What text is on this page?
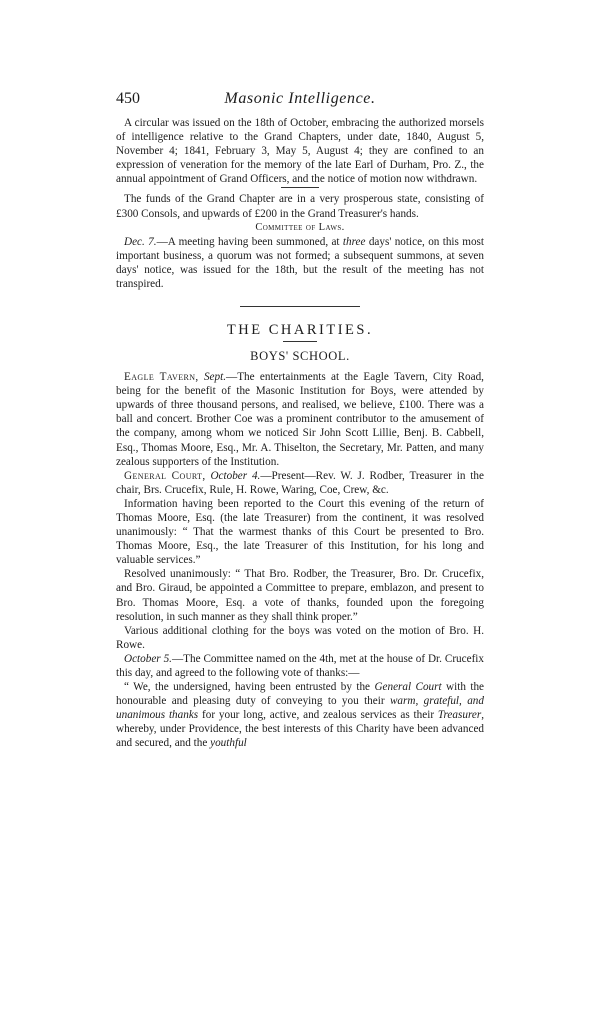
450	Masonic Intelligence.

A circular was issued on the 18th of October, embracing the authorized morsels of intelligence relative to the Grand Chapters, under date, 1840, August 5, November 4; 1841, February 3, May 5, August 4; they are confined to an expression of veneration for the memory of the late Earl of Durham, Pro. Z., the annual appointment of Grand Officers, and the notice of motion now withdrawn.

The funds of the Grand Chapter are in a very prosperous state, consisting of £300 Consols, and upwards of £200 in the Grand Treasurer's hands.

Committee of Laws.

Dec. 7.—A meeting having been summoned, at three days' notice, on this most important business, a quorum was not formed; a subsequent summons, at seven days' notice, was issued for the 18th, but the result of the meeting has not transpired.

THE CHARITIES.
BOYS' SCHOOL.

Eagle Tavern, Sept.—The entertainments at the Eagle Tavern, City Road, being for the benefit of the Masonic Institution for Boys, were attended by upwards of three thousand persons, and realised, we believe, £100. There was a ball and concert. Brother Coe was a prominent contributor to the amusement of the company, among whom we noticed Sir John Scott Lillie, Benj. B. Cabbell, Esq., Thomas Moore, Esq., Mr. A. Thiselton, the Secretary, Mr. Patten, and many zealous supporters of the Institution.

General Court, October 4.—Present—Rev. W. J. Rodber, Treasurer in the chair, Brs. Crucefix, Rule, H. Rowe, Waring, Coe, Crew, &c.

Information having been reported to the Court this evening of the return of Thomas Moore, Esq. (the late Treasurer) from the continent, it was resolved unanimously: “ That the warmest thanks of this Court be presented to Bro. Thomas Moore, Esq., the late Treasurer of this Institution, for his long and valuable services.”

Resolved unanimously: “ That Bro. Rodber, the Treasurer, Bro. Dr. Crucefix, and Bro. Giraud, be appointed a Committee to prepare, emblazon, and present to Bro. Thomas Moore, Esq. a vote of thanks, founded upon the foregoing resolution, in such manner as they shall think proper.”

Various additional clothing for the boys was voted on the motion of Bro. H. Rowe.

October 5.—The Committee named on the 4th, met at the house of Dr. Crucefix this day, and agreed to the following vote of thanks:—

“ We, the undersigned, having been entrusted by the General Court with the honourable and pleasing duty of conveying to you their warm, grateful, and unanimous thanks for your long, active, and zealous services as their Treasurer, whereby, under Providence, the best interests of this Charity have been advanced and secured, and the youthful
